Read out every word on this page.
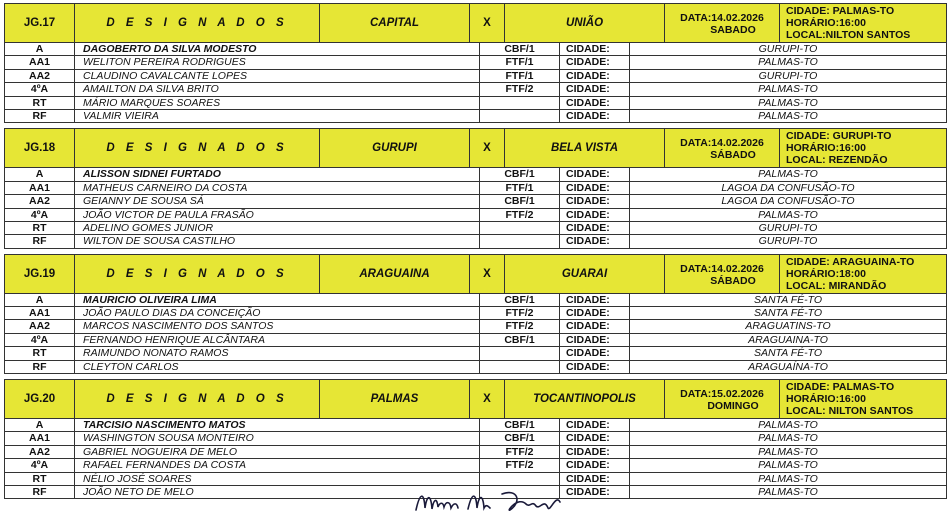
JG.17	D E S I G N A D O S	CAPITAL	X	UNIÃO	DATA:14.02.2026
SABADO
CIDADE: PALMAS-TO
HORÁRIO:16:00
LOCAL:NILTON SANTOS
A	DAGOBERTO DA SILVA MODESTO	CBF/1	CIDADE:	GURUPI-TO
AA1	WELITON PEREIRA RODRIGUES	FTF/1	CIDADE:	PALMAS-TO
AA2	CLAUDINO CAVALCANTE LOPES	FTF/1	CIDADE:	GURUPI-TO
4ºA	AMAILTON DA SILVA BRITO	FTF/2	CIDADE:	PALMAS-TO
RT	MÁRIO MARQUES SOARES	CIDADE:	PALMAS-TO
RF	VALMIR VIEIRA	CIDADE:	PALMAS-TO
JG.18	D E S I G N A D O S	GURUPI	X	BELA VISTA	DATA:14.02.2026
SÁBADO
CIDADE: GURUPI-TO
HORÁRIO:16:00
LOCAL: REZENDÃO
A	ALISSON SIDNEI FURTADO	CBF/1	CIDADE:	PALMAS-TO
AA1	MATHEUS CARNEIRO DA COSTA	FTF/1	CIDADE:	LAGOA DA CONFUSÃO-TO
AA2	GEIANNY DE SOUSA SÁ	CBF/1	CIDADE:	LAGOA DA CONFUSÃO-TO
4ºA	JOÃO VICTOR DE PAULA FRASÃO	FTF/2	CIDADE:	PALMAS-TO
RT	ADELINO GOMES JUNIOR	CIDADE:	GURUPI-TO
RF	WILTON DE SOUSA CASTILHO	CIDADE:	GURUPI-TO
JG.19	D E S I G N A D O S	ARAGUAINA	X	GUARAI	DATA:14.02.2026
SÁBADO
CIDADE: ARAGUAINA-TO
HORÁRIO:18:00
LOCAL: MIRANDÃO
A	MAURICIO OLIVEIRA LIMA	CBF/1	CIDADE:	SANTA FÉ-TO
AA1	JOÃO PAULO DIAS DA CONCEIÇÃO	FTF/2	CIDADE:	SANTA FÉ-TO
AA2	MARCOS NASCIMENTO DOS SANTOS	FTF/2	CIDADE:	ARAGUATINS-TO
4ºA	FERNANDO HENRIQUE ALCÂNTARA	CBF/1	CIDADE:	ARAGUAINA-TO
RT	RAIMUNDO NONATO RAMOS	CIDADE:	SANTA FÉ-TO
RF	CLEYTON CARLOS	CIDADE:	ARAGUAÍNA-TO
JG.20	D E S I G N A D O S	PALMAS	X	TOCANTINOPOLIS	DATA:15.02.2026
DOMINGO
CIDADE: PALMAS-TO
HORÁRIO:16:00
LOCAL: NILTON SANTOS
A	TARCISIO NASCIMENTO MATOS	CBF/1	CIDADE:	PALMAS-TO
AA1	WASHINGTON SOUSA MONTEIRO	CBF/1	CIDADE:	PALMAS-TO
AA2	GABRIEL NOGUEIRA DE MELO	FTF/2	CIDADE:	PALMAS-TO
4ºA	RAFAEL FERNANDES DA COSTA	FTF/2	CIDADE:	PALMAS-TO
RT	NÉLIO JOSÉ SOARES	CIDADE:	PALMAS-TO
RF	JOÃO NETO DE MELO	CIDADE:	PALMAS-TO
